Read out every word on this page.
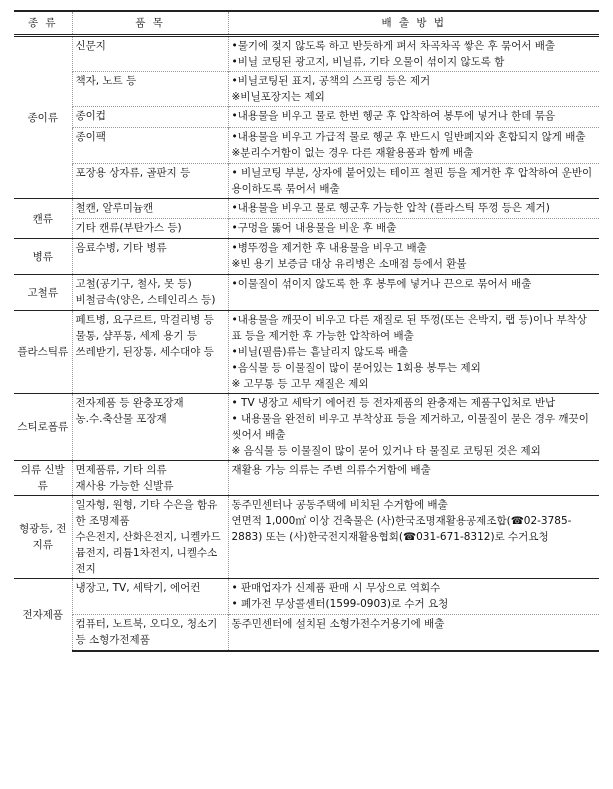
종 류	품 목	배 출 방 법
종이류	신문지	•물기에 젖지 않도록 하고 반듯하게 펴서 차곡차곡 쌓은 후 묶어서 배출
•비닐 코팅된 광고지, 비닐류, 기타 오물이 섞이지 않도록 함

	책자, 노트 등	•비닐코팅된 표지, 공책의 스프링 등은 제거
※비닐포장지는 제외

	종이컵	•내용물을 비우고 물로 한번 헹군 후 압착하여 봉투에 넣거나 한데 묶음

	종이팩	•내용물을 비우고 가급적 물로 헹군 후 반드시 일반폐지와 혼합되지 않게 배출
※분리수거함이 없는 경우 다른 재활용품과 함께 배출

	포장용 상자류, 골판지 등	• 비닐코팅 부분, 상자에 붙어있는 테이프 철핀 등을 제거한 후 압착하여 운반이 용이하도록 묶어서 배출

캔류	철캔, 알루미늄캔	•내용물을 비우고 물로 헹군후 가능한 압착 (플라스틱 뚜껑 등은 제거)

	기타 캔류(부탄가스 등)	•구멍을 뚫어 내용물을 비운 후 배출

병류	음료수병, 기타 병류	•병뚜껑을 제거한 후 내용물을 비우고 배출
※빈 용기 보증금 대상 유리병은 소매점 등에서 환불

고철류	고철(공기구, 철사, 못 등)
비철금속(양은, 스테인리스 등)	•이물질이 섞이지 않도록 한 후 봉투에 넣거나 끈으로 묶어서 배출

플라스틱류	페트병, 요구르트, 막걸리병 등
물통, 샴푸통, 세제 용기 등
쓰레받기, 된장통, 세수대야 등	•내용물을 깨끗이 비우고 다른 재질로 된 뚜껑(또는 은박지, 랩 등)이나 부착상표 등을 제거한 후 가능한 압착하여 배출
•비닐(필름)류는 흩날리지 않도록 배출
•음식물 등 이물질이 많이 묻어있는 1회용 봉투는 제외
※ 고무통 등 고무 재질은 제외

스티로폼류	전자제품 등 완충포장재
농.수.축산물 포장재	• TV 냉장고 세탁기 에어컨 등 전자제품의 완충재는 제품구입처로 반납
• 내용물을 완전히 비우고 부착상표 등을 제거하고, 이물질이 묻은 경우 깨끗이 씻어서 배출
※ 음식물 등 이물질이 많이 묻어 있거나 타 물질로 코팅된 것은 제외

의류 신발류	면제품류, 기타 의류
재사용 가능한 신발류	재활용 가능 의류는 주변 의류수거함에 배출

형광등, 전지류	일자형, 원형, 기타 수은을 함유한 조명제품
수은전지, 산화은전지, 니켈카드뮴전지, 리튬1차전지, 니켈수소전지	동주민센터나 공동주택에 비치된 수거함에 배출
연면적 1,000㎡ 이상 건축물은 (사)한국조명재활용공제조합(☎02-3785-2883) 또는 (사)한국전지재활용협회(☎031-671-8312)로 수거요청

전자제품	냉장고, TV, 세탁기, 에어컨	• 판매업자가 신제품 판매 시 무상으로 역회수
• 폐가전 무상콜센터(1599-0903)로 수거 요청

	컴퓨터, 노트북, 오디오, 청소기 등 소형가전제품	동주민센터에 설치된 소형가전수거용기에 배출
